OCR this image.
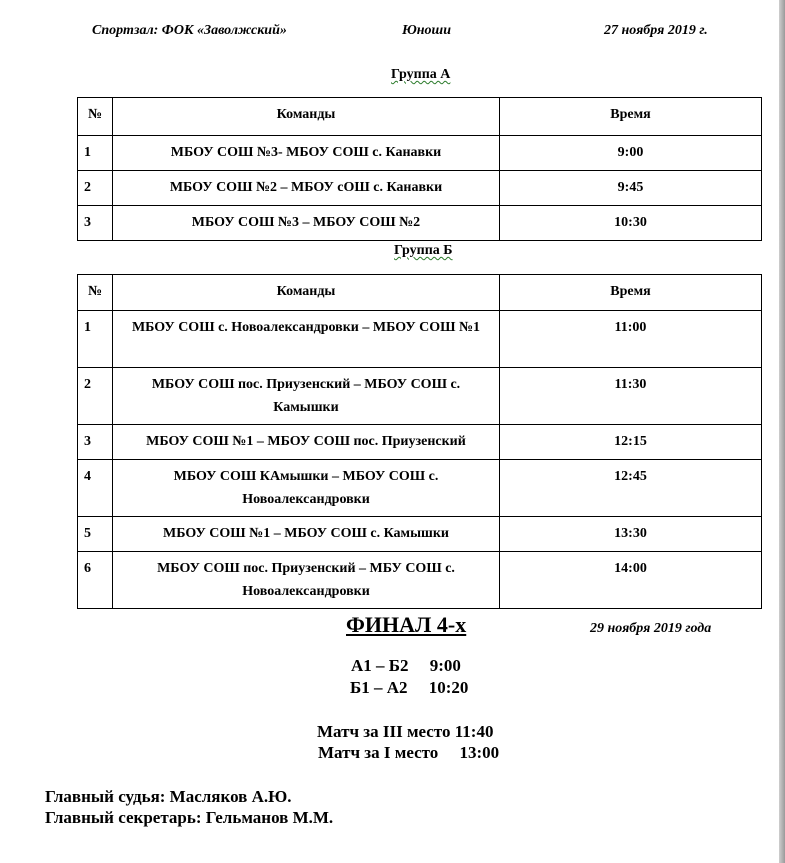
Спортзал: ФОК «Заволжский»	Юноши	27 ноября 2019 г.
Группа А
№	Команды	Время
1	МБОУ СОШ №3- МБОУ СОШ с. Канавки	9:00
2	МБОУ СОШ №2 – МБОУ сОШ с. Канавки	9:45
3	МБОУ СОШ №3 – МБОУ СОШ №2	10:30
Группа Б
№	Команды	Время
1	МБОУ СОШ с. Новоалександровки – МБОУ СОШ №1	11:00
2	МБОУ СОШ пос. Приузенский – МБОУ СОШ с. Камышки	11:30
3	МБОУ СОШ №1 – МБОУ СОШ пос. Приузенский	12:15
4	МБОУ СОШ КАмышки – МБОУ СОШ с. Новоалександровки	12:45
5	МБОУ СОШ №1 – МБОУ СОШ с. Камышки	13:30
6	МБОУ СОШ пос. Приузенский – МБУ СОШ с. Новоалександровки	14:00
ФИНАЛ 4-х	29 ноября 2019 года
А1 – Б2     9:00
Б1 – А2     10:20
Матч за III место 11:40
Матч за I место     13:00
Главный судья: Масляков А.Ю.
Главный секретарь: Гельманов М.М.
